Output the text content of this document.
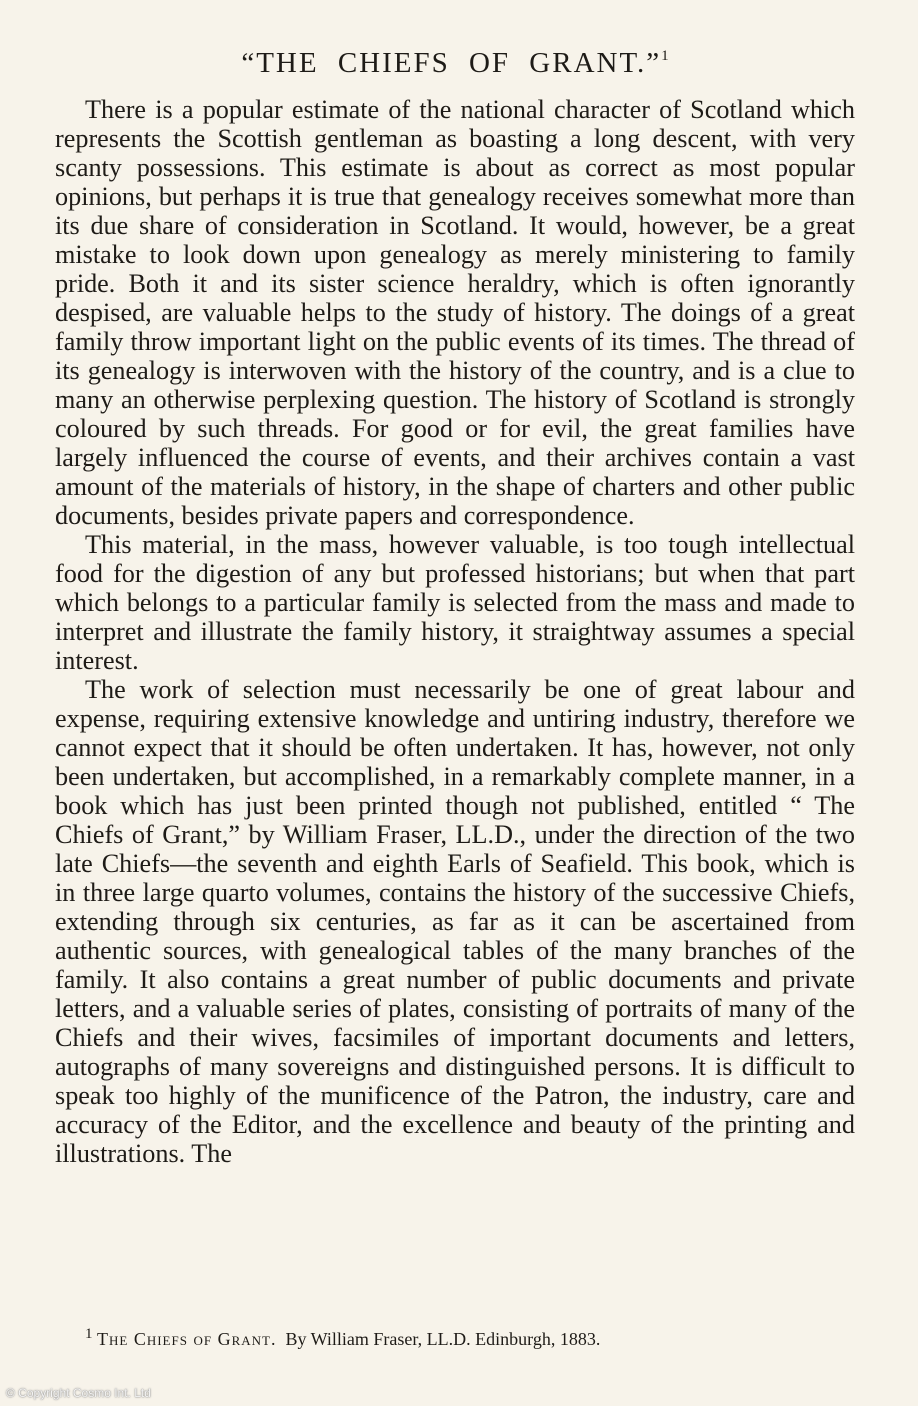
“THE CHIEFS OF GRANT.”$^1$

There is a popular estimate of the national character of Scotland which represents the Scottish gentleman as boasting a long descent, with very scanty possessions. This estimate is about as correct as most popular opinions, but perhaps it is true that genealogy receives somewhat more than its due share of consideration in Scotland. It would, however, be a great mistake to look down upon genealogy as merely ministering to family pride. Both it and its sister science heraldry, which is often ignorantly despised, are valuable helps to the study of history. The doings of a great family throw important light on the public events of its times. The thread of its genealogy is interwoven with the history of the country, and is a clue to many an otherwise perplexing question. The history of Scotland is strongly coloured by such threads. For good or for evil, the great families have largely influenced the course of events, and their archives contain a vast amount of the materials of history, in the shape of charters and other public documents, besides private papers and correspondence.

This material, in the mass, however valuable, is too tough intellectual food for the digestion of any but professed historians; but when that part which belongs to a particular family is selected from the mass and made to interpret and illustrate the family history, it straightway assumes a special interest.

The work of selection must necessarily be one of great labour and expense, requiring extensive knowledge and untiring industry, therefore we cannot expect that it should be often undertaken. It has, however, not only been undertaken, but accomplished, in a remarkably complete manner, in a book which has just been printed though not published, entitled “ The Chiefs of Grant,” by William Fraser, LL.D., under the direction of the two late Chiefs—the seventh and eighth Earls of Seafield. This book, which is in three large quarto volumes, contains the history of the successive Chiefs, extending through six centuries, as far as it can be ascertained from authentic sources, with genealogical tables of the many branches of the family. It also contains a great number of public documents and private letters, and a valuable series of plates, consisting of portraits of many of the Chiefs and their wives, facsimiles of important documents and letters, autographs of many sovereigns and distinguished persons. It is difficult to speak too highly of the munificence of the Patron, the industry, care and accuracy of the Editor, and the excellence and beauty of the printing and illustrations. The

$^1$ The Chiefs of Grant. By William Fraser, LL.D. Edinburgh, 1883.
© Copyright Cosmo Int. Ltd
